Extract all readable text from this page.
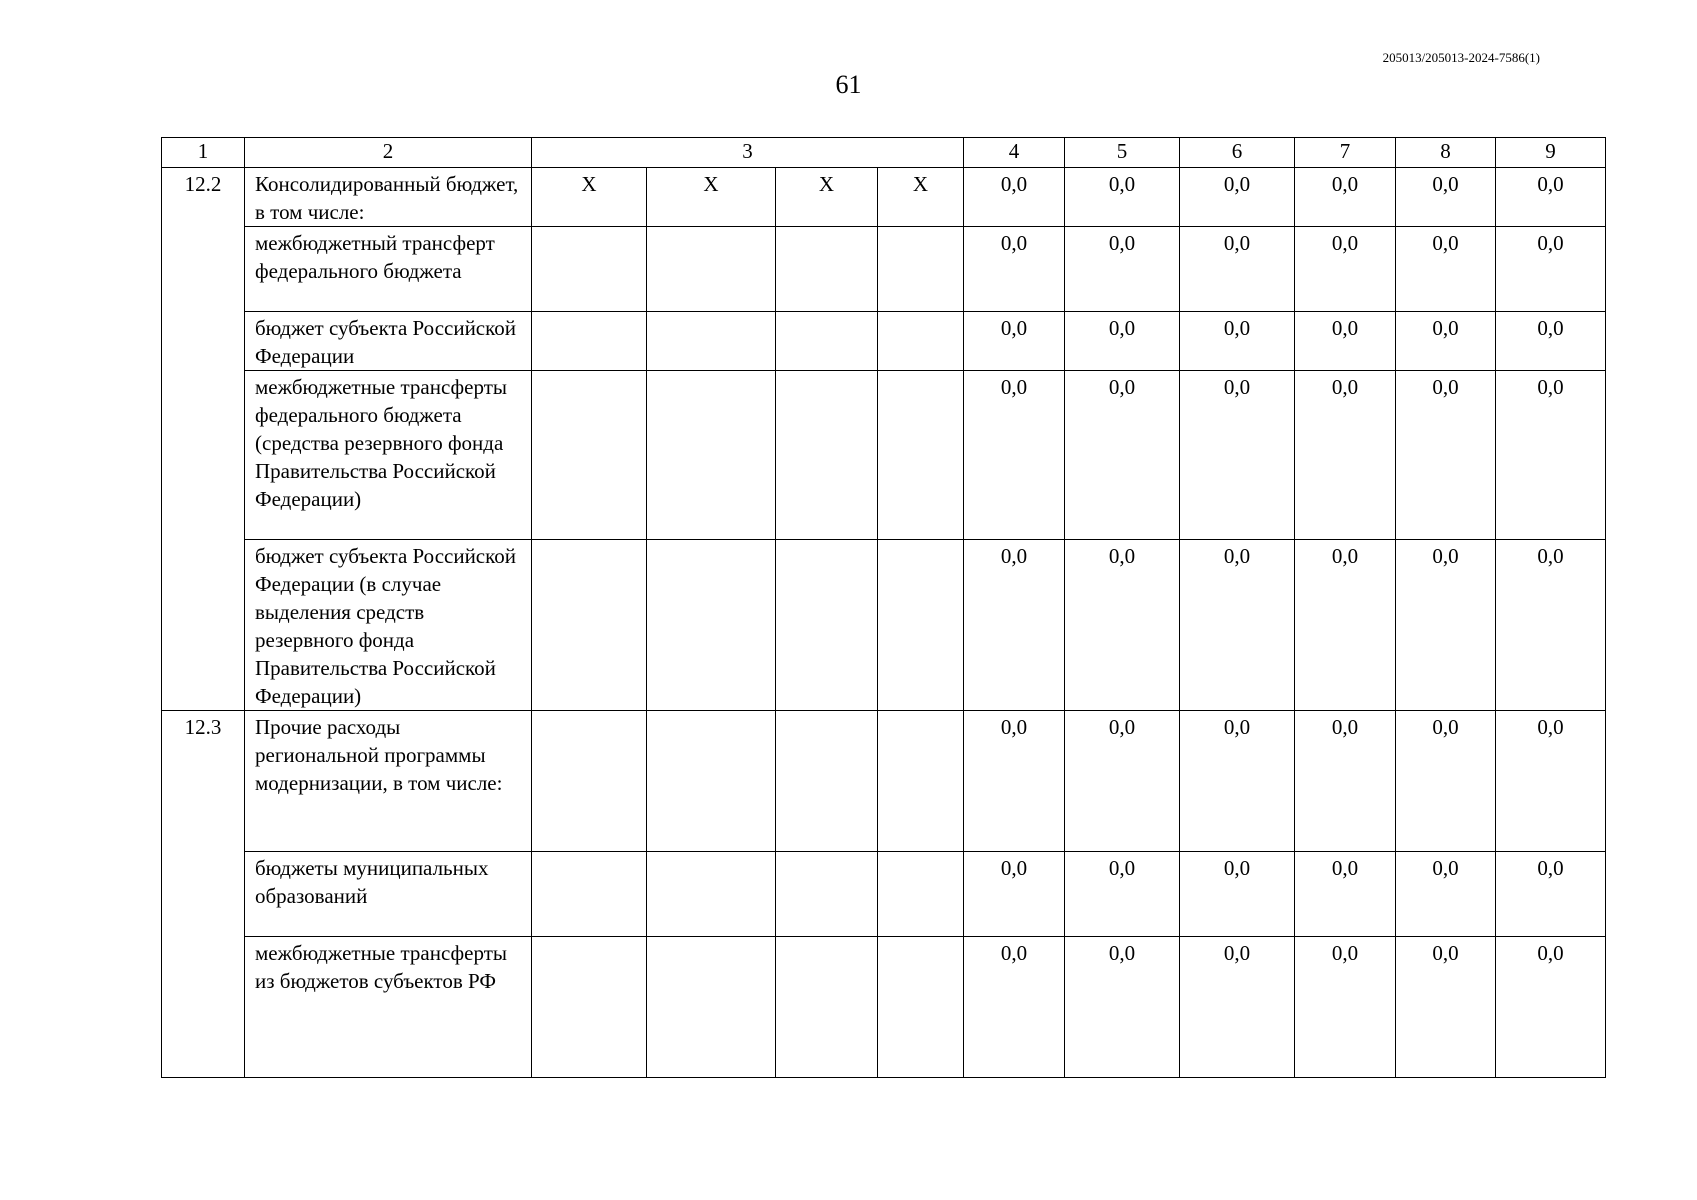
205013/205013-2024-7586(1)
61
1	2	3				4	5	6	7	8	9
12.2	Консолидированный бюджет, в том числе:	X	X	X	X	0,0	0,0	0,0	0,0	0,0	0,0
	межбюджетный трансферт федерального бюджета					0,0	0,0	0,0	0,0	0,0	0,0
	бюджет субъекта Российской Федерации					0,0	0,0	0,0	0,0	0,0	0,0
	межбюджетные трансферты федерального бюджета (средства резервного фонда Правительства Российской Федерации)					0,0	0,0	0,0	0,0	0,0	0,0
	бюджет субъекта Российской Федерации (в случае выделения средств резервного фонда Правительства Российской Федерации)					0,0	0,0	0,0	0,0	0,0	0,0
12.3	Прочие расходы региональной программы модернизации, в том числе:					0,0	0,0	0,0	0,0	0,0	0,0
	бюджеты муниципальных образований					0,0	0,0	0,0	0,0	0,0	0,0
	межбюджетные трансферты из бюджетов субъектов РФ					0,0	0,0	0,0	0,0	0,0	0,0
